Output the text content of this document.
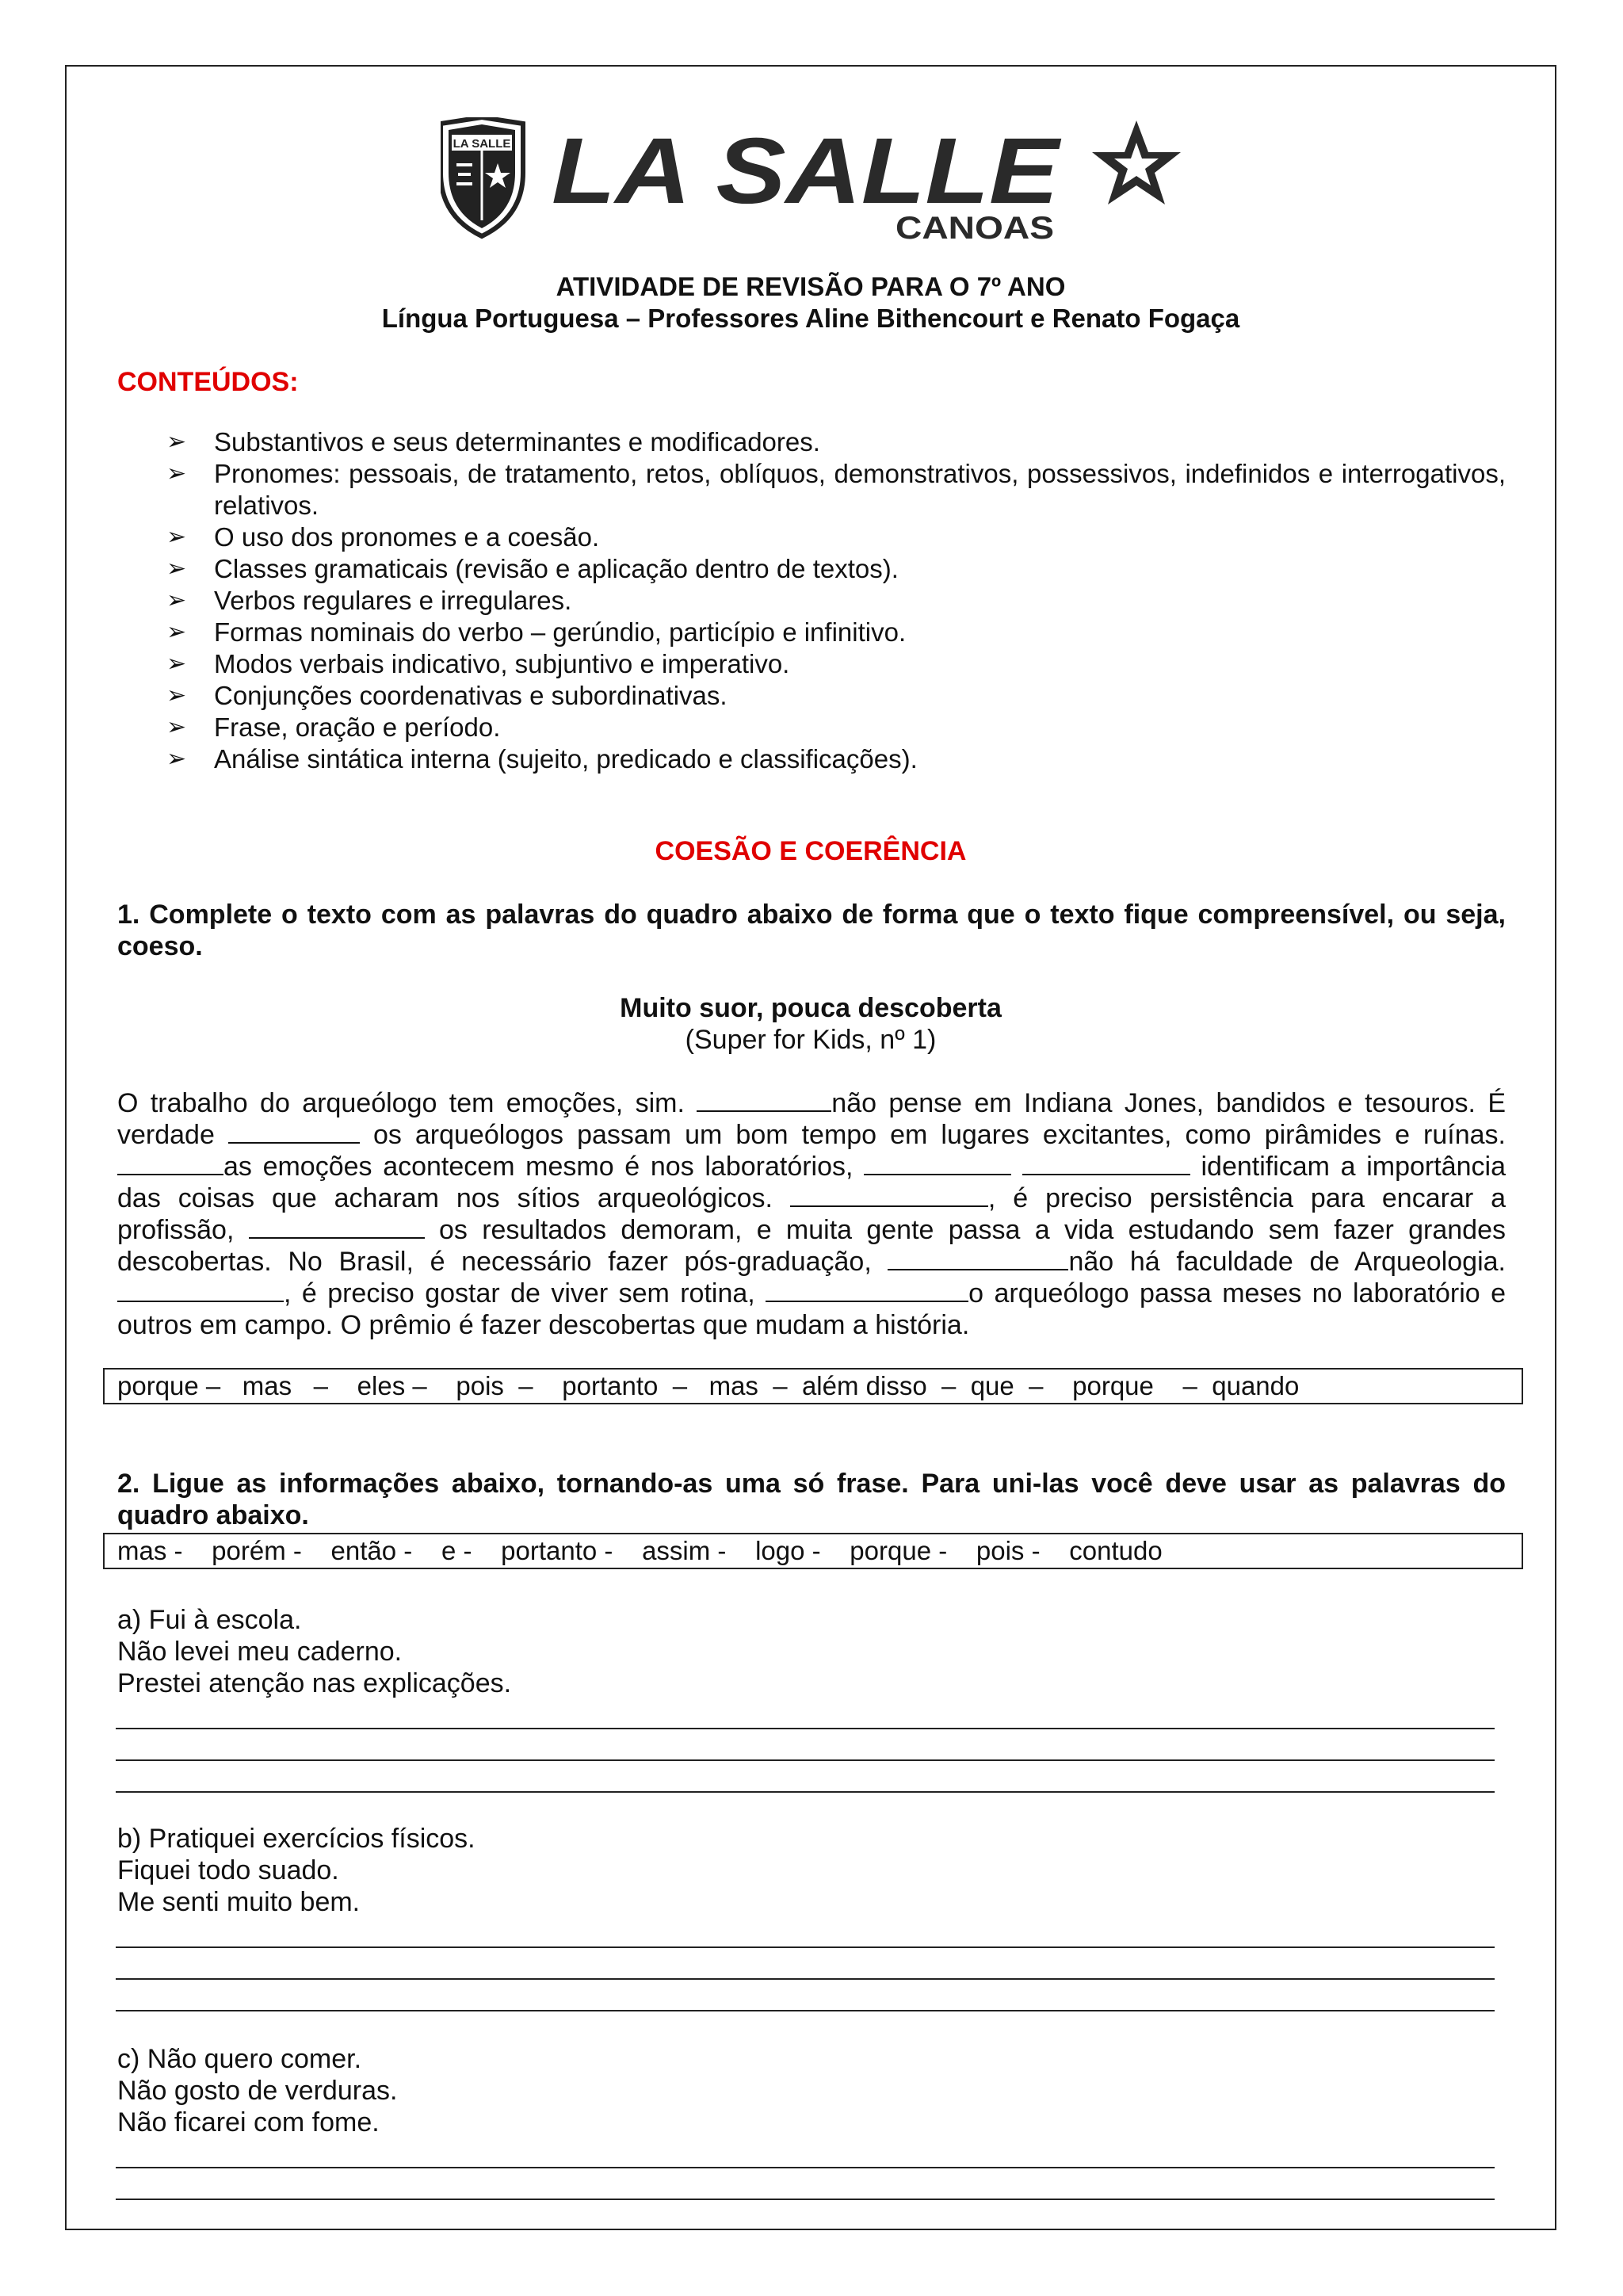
LA SALLE LA SALLE
CANOAS
ATIVIDADE DE REVISÃO PARA O 7º ANO
Língua Portuguesa – Professores Aline Bithencourt e Renato Fogaça
CONTEÚDOS:
➢ Substantivos e seus determinantes e modificadores.
➢ Pronomes: pessoais, de tratamento, retos, oblíquos, demonstrativos, possessivos, indefinidos e interrogativos, relativos.
➢ O uso dos pronomes e a coesão.
➢ Classes gramaticais (revisão e aplicação dentro de textos).
➢ Verbos regulares e irregulares.
➢ Formas nominais do verbo – gerúndio, particípio e infinitivo.
➢ Modos verbais indicativo, subjuntivo e imperativo.
➢ Conjunções coordenativas e subordinativas.
➢ Frase, oração e período.
➢ Análise sintática interna (sujeito, predicado e classificações).
COESÃO E COERÊNCIA
1. Complete o texto com as palavras do quadro abaixo de forma que o texto fique compreensível, ou seja, coeso.
Muito suor, pouca descoberta
(Super for Kids, nº 1)
O trabalho do arqueólogo tem emoções, sim.	não pense em Indiana Jones, bandidos e tesouros. É
verdade	os arqueólogos passam um bom tempo em lugares excitantes, como pirâmides e ruínas.
as emoções acontecem mesmo é nos laboratórios,	identificam a importância
das coisas que acharam nos sítios arqueológicos.	, é preciso persistência para encarar a
profissão,	os resultados demoram, e muita gente passa a vida estudando sem fazer grandes
descobertas. No Brasil, é necessário fazer pós-graduação,	não há faculdade de Arqueologia.
, é preciso gostar de viver sem rotina,	o arqueólogo passa meses no laboratório e
outros em campo. O prêmio é fazer descobertas que mudam a história.
porque –   mas   –    eles –    pois  –    portanto  –   mas  –  além disso  –  que  –    porque    –  quando
2. Ligue as informações abaixo, tornando-as uma só frase. Para uni-las você deve usar as palavras do quadro abaixo.
mas -    porém -    então -    e -    portanto -    assim -    logo -    porque -    pois -    contudo
a) Fui à escola.
Não levei meu caderno.
Prestei atenção nas explicações.
b) Pratiquei exercícios físicos.
Fiquei todo suado.
Me senti muito bem.
c) Não quero comer.
Não gosto de verduras.
Não ficarei com fome.
